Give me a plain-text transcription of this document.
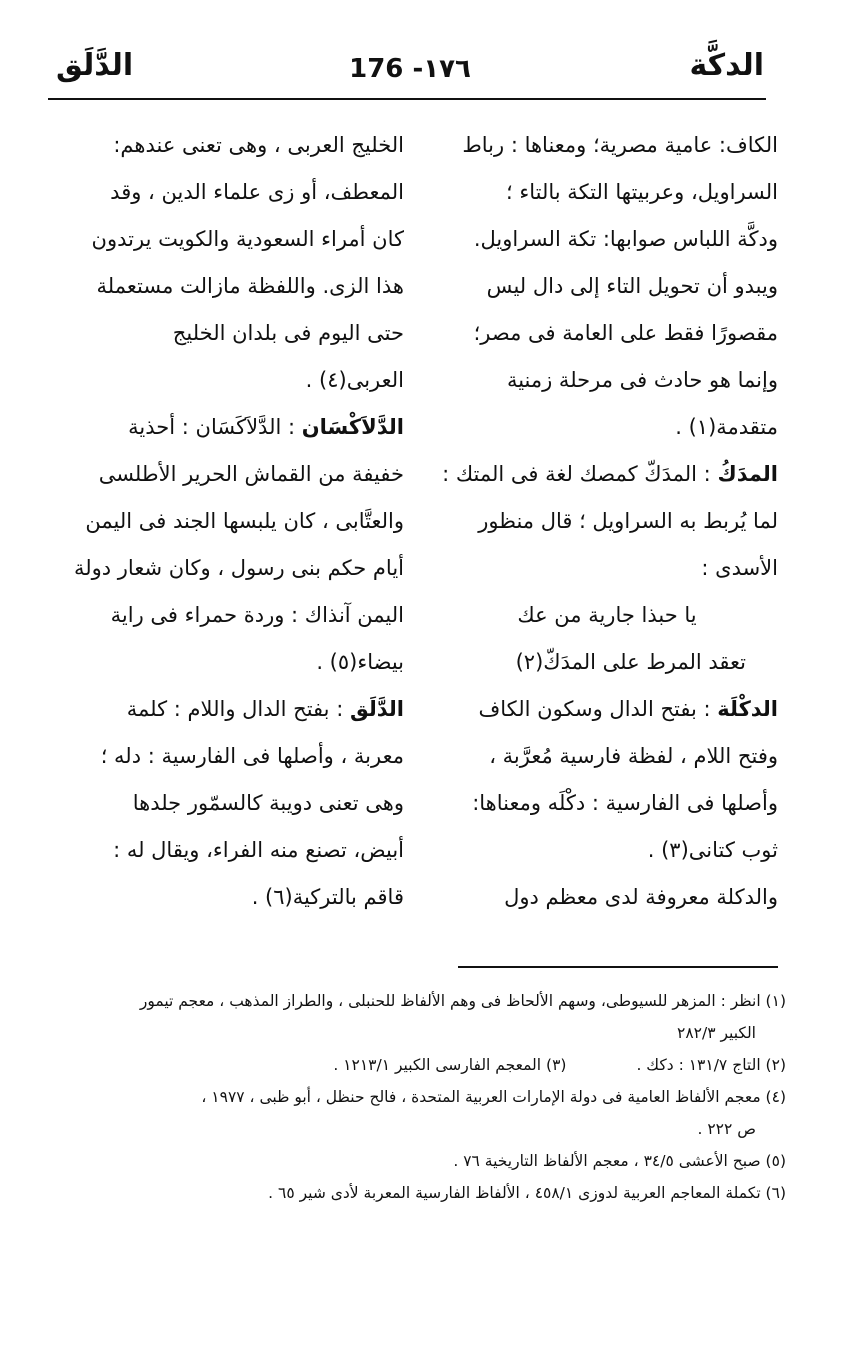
الدكَّة
176 -١٧٦
الدَّلَق

الكاف: عامية مصرية؛ ومعناها : رباط

السراويل، وعربيتها التكة بالتاء ؛

ودكَّة اللباس صوابها: تكة السراويل.

ويبدو أن تحويل التاء إلى دال ليس

مقصورًا فقط على العامة فى مصر؛

وإنما هو حادث فى مرحلة زمنية

متقدمة(١) .

المدَكُ : المدَكّ كمصك لغة فى المتك :

لما يُربط به السراويل ؛ قال منظور

الأسدى :

يا حبذا جارية من عك

تعقد المرط على المدَكّ(٢)

الدكْلَة : بفتح الدال وسكون الكاف

وفتح اللام ، لفظة فارسية مُعرَّبة ،

وأصلها فى الفارسية : دكْلَه ومعناها:

ثوب كتانى(٣) .

والدكلة معروفة لدى معظم دول

الخليج العربى ، وهى تعنى عندهم:

المعطف، أو زى علماء الدين ، وقد

كان أمراء السعودية والكويت يرتدون

هذا الزى. واللفظة مازالت مستعملة

حتى اليوم فى بلدان الخليج

العربى(٤) .

الدَّلاَكْسَان : الدَّلاَكَسَان : أحذية

خفيفة من القماش الحرير الأطلسى

والعتَّابى ، كان يلبسها الجند فى اليمن

أيام حكم بنى رسول ، وكان شعار دولة

اليمن آنذاك : وردة حمراء فى راية

بيضاء(٥) .

الدَّلَق : بفتح الدال واللام : كلمة

معربة ، وأصلها فى الفارسية : دله ؛

وهى تعنى دويبة كالسمّور جلدها

أبيض، تصنع منه الفراء، ويقال له :

قاقم بالتركية(٦) .

(١) انظر : المزهر للسيوطى، وسهم الألحاظ فى وهم الألفاظ للحنبلى ، والطراز المذهب ، معجم تيمور

الكبير ٢٨٢/٣

(٢) التاج ١٣١/٧ : دكك .
(٣) المعجم الفارسى الكبير ١٢١٣/١ .

(٤) معجم الألفاظ العامية فى دولة الإمارات العربية المتحدة ، فالح حنظل ، أبو ظبى ، ١٩٧٧ ،

ص ٢٢٢ .

(٥) صبح الأعشى ٣٤/٥ ، معجم الألفاظ التاريخية ٧٦ .

(٦) تكملة المعاجم العربية لدوزى ٤٥٨/١ ، الألفاظ الفارسية المعربة لأدى شير ٦٥ .
